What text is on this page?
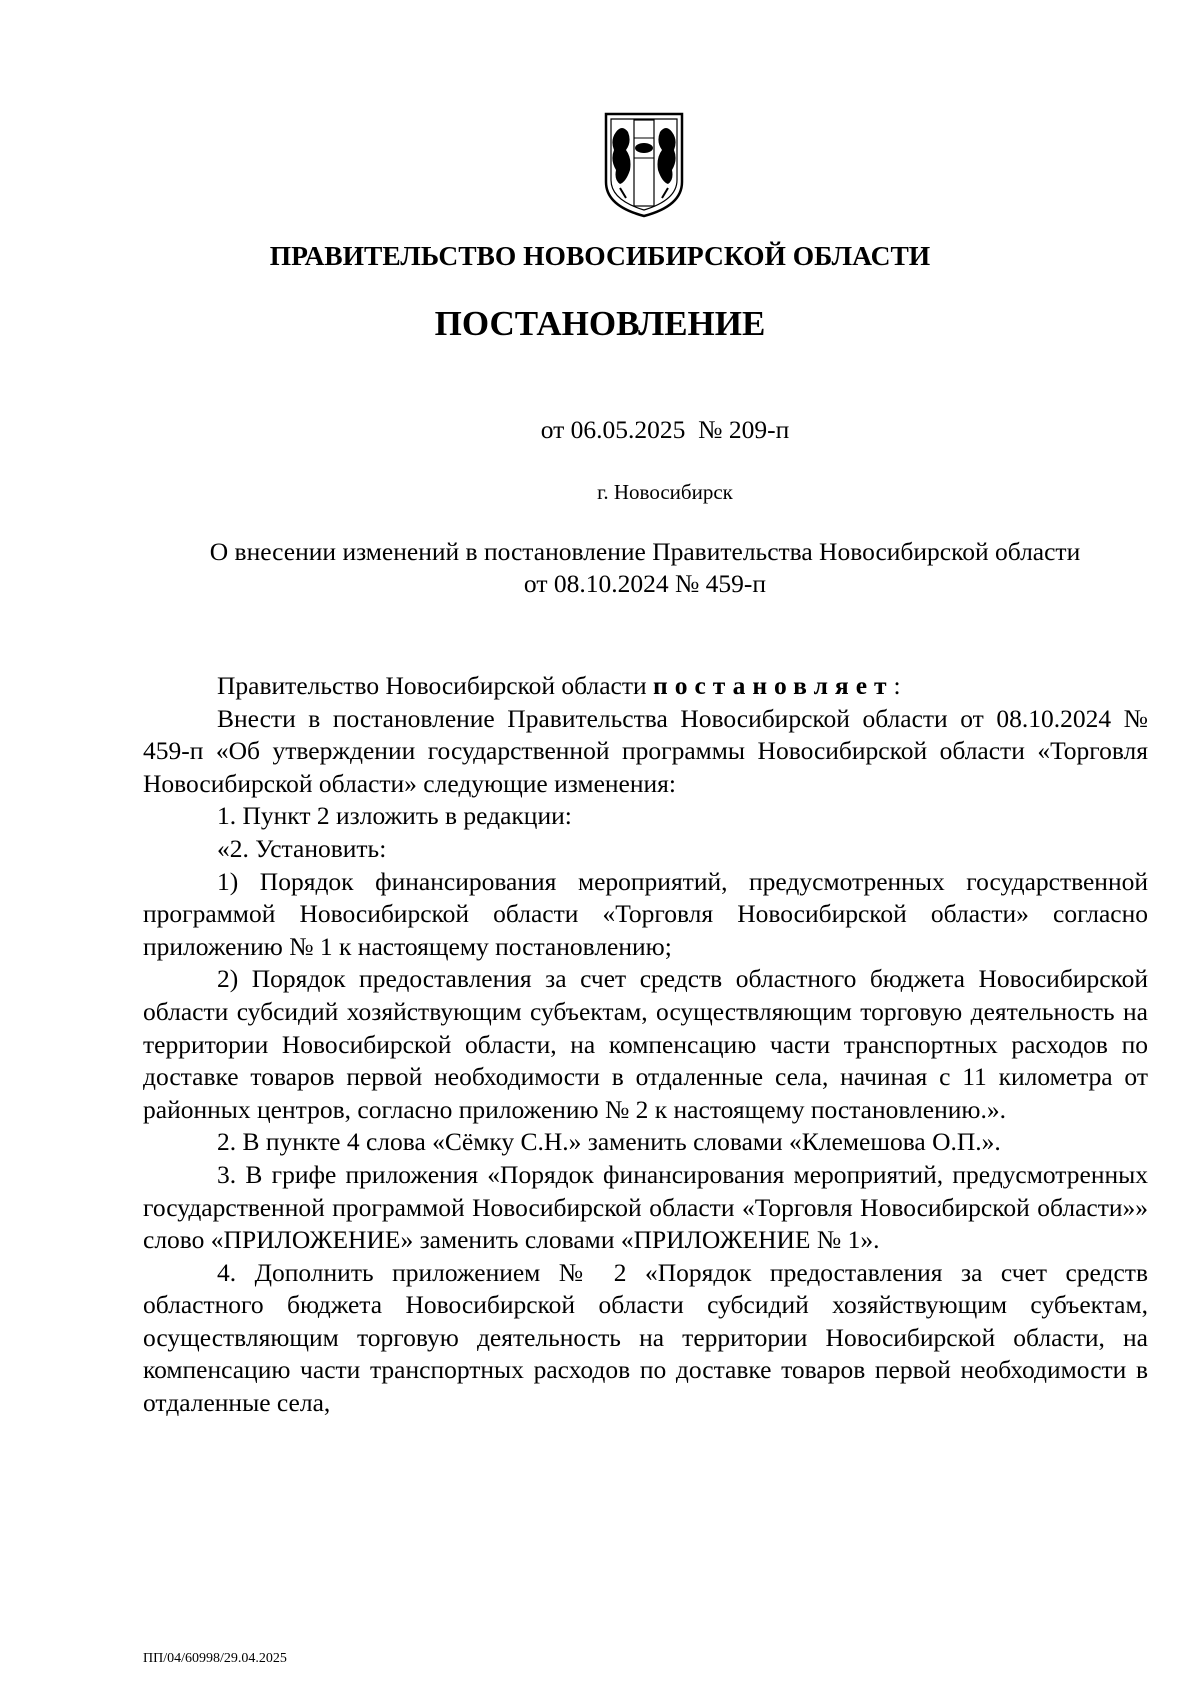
ПРАВИТЕЛЬСТВО НОВОСИБИРСКОЙ ОБЛАСТИ
ПОСТАНОВЛЕНИЕ
от 06.05.2025  № 209-п
г. Новосибирск
О внесении изменений в постановление Правительства Новосибирской области
от 08.10.2024 № 459-п

Правительство Новосибирской области постановляет:

Внести в постановление Правительства Новосибирской области от 08.10.2024 № 459-п «Об утверждении государственной программы Новосибирской области «Торговля Новосибирской области» следующие изменения:

1. Пункт 2 изложить в редакции:

«2. Установить:

1) Порядок финансирования мероприятий, предусмотренных государственной программой Новосибирской области «Торговля Новосибирской области» согласно приложению № 1 к настоящему постановлению;

2) Порядок предоставления за счет средств областного бюджета Новосибирской области субсидий хозяйствующим субъектам, осуществляющим торговую деятельность на территории Новосибирской области, на компенсацию части транспортных расходов по доставке товаров первой необходимости в отдаленные села, начиная с 11 километра от районных центров, согласно приложению № 2 к настоящему постановлению.».

2. В пункте 4 слова «Сёмку С.Н.» заменить словами «Клемешова О.П.».

3. В грифе приложения «Порядок финансирования мероприятий, предусмотренных государственной программой Новосибирской области «Торговля Новосибирской области»» слово «ПРИЛОЖЕНИЕ» заменить словами «ПРИЛОЖЕНИЕ № 1».

4. Дополнить приложением № 2 «Порядок предоставления за счет средств областного бюджета Новосибирской области субсидий хозяйствующим субъектам, осуществляющим торговую деятельность на территории Новосибирской области, на компенсацию части транспортных расходов по доставке товаров первой необходимости в отдаленные села,

ПП/04/60998/29.04.2025
